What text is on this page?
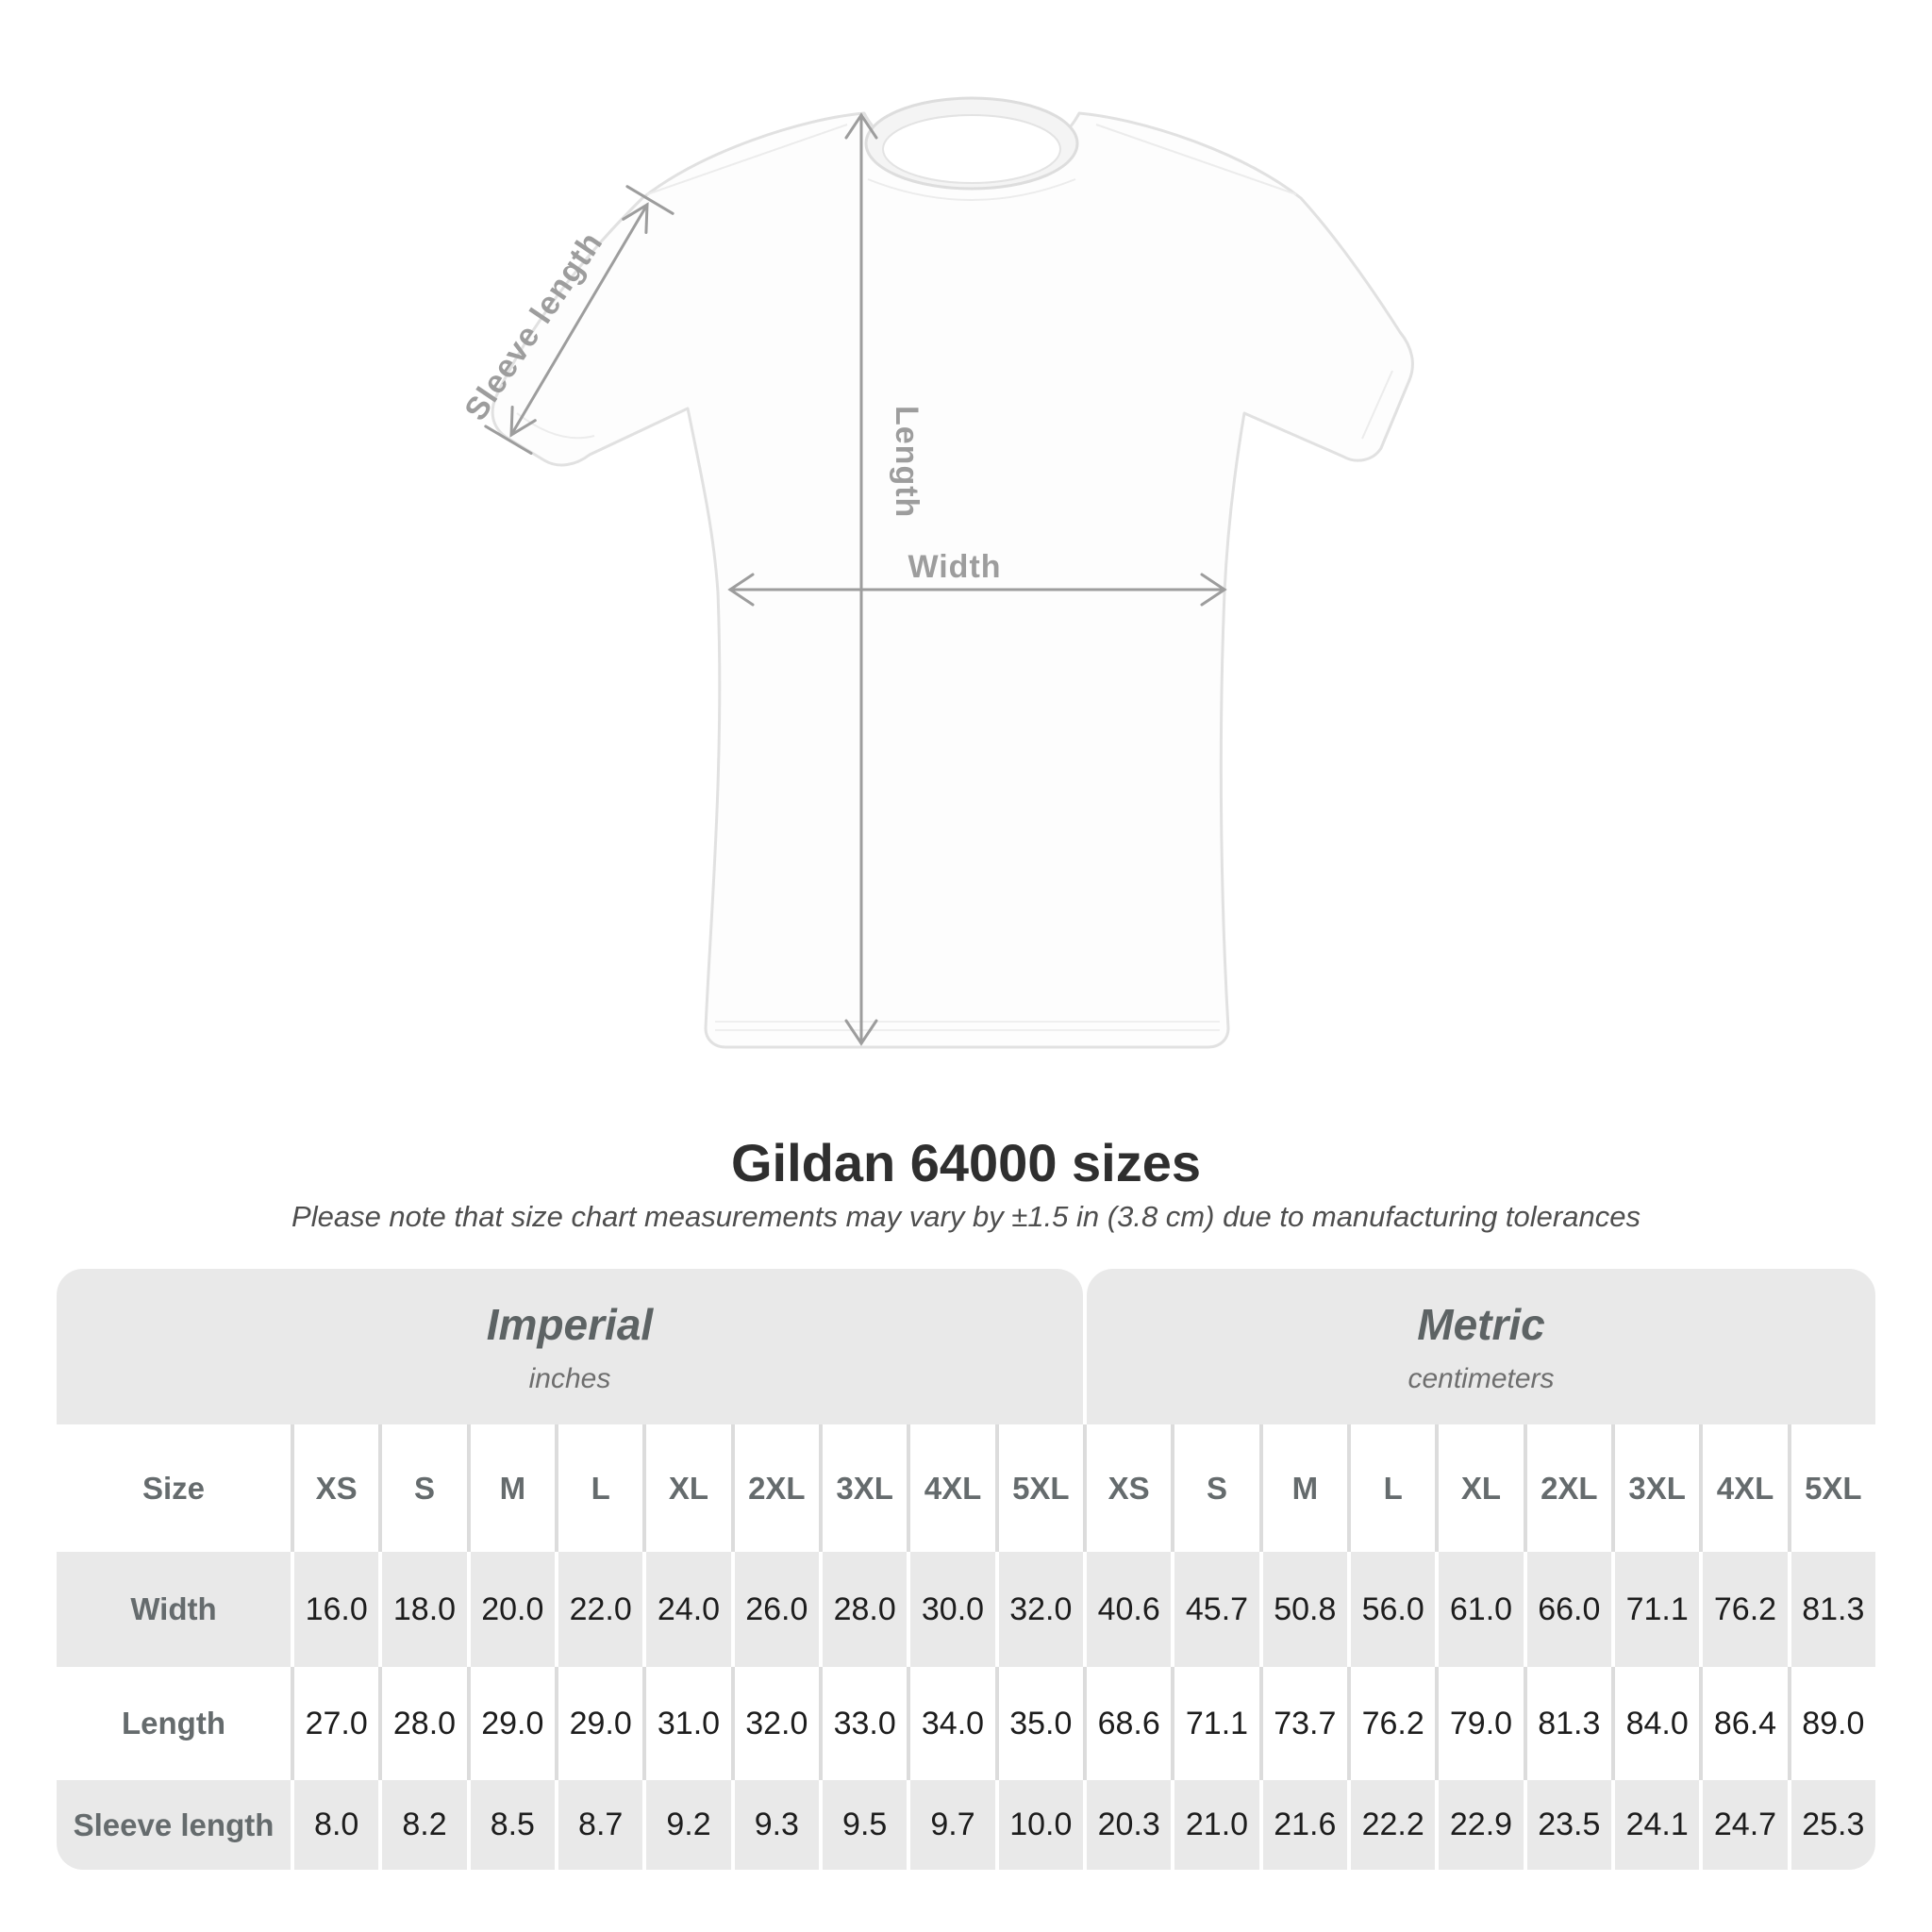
Sleeve length
Length
Width
Gildan 64000 sizes
Please note that size chart measurements may vary by ±1.5 in (3.8 cm) due to manufacturing tolerances
Imperial
inches
Metric
centimeters
Size	XS	S	M	L	XL	2XL 3XL 4XL 5XL	XS	S	M	L	XL	2XL 3XL 4XL 5XL
Width	16.0 18.0 20.0 22.0 24.0 26.0 28.0 30.0 32.0 40.6 45.7 50.8 56.0 61.0 66.0 71.1 76.2 81.3
Length	27.0 28.0 29.0 29.0 31.0 32.0 33.0 34.0 35.0 68.6 71.1 73.7 76.2 79.0 81.3 84.0 86.4 89.0
Sleeve length	8.0	8.2	8.5	8.7	9.2	9.3	9.5	9.7	10.0 20.3 21.0 21.6 22.2 22.9 23.5 24.1 24.7 25.3
